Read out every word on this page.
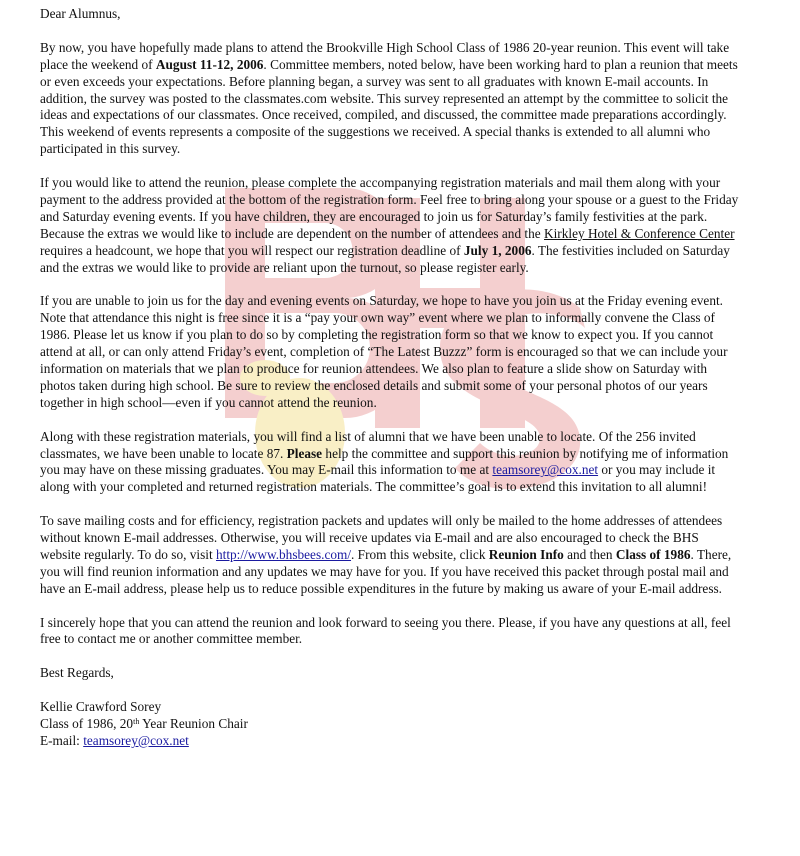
Dear Alumnus,

By now, you have hopefully made plans to attend the Brookville High School Class of 1986 20-year reunion. This event will take place the weekend of August 11-12, 2006. Committee members, noted below, have been working hard to plan a reunion that meets or even exceeds your expectations. Before planning began, a survey was sent to all graduates with known E-mail accounts. In addition, the survey was posted to the classmates.com website. This survey represented an attempt by the committee to solicit the ideas and expectations of our classmates. Once received, compiled, and discussed, the committee made preparations accordingly. This weekend of events represents a composite of the suggestions we received. A special thanks is extended to all alumni who participated in this survey.

If you would like to attend the reunion, please complete the accompanying registration materials and mail them along with your payment to the address provided at the bottom of the registration form. Feel free to bring along your spouse or a guest to the Friday and Saturday evening events. If you have children, they are encouraged to join us for Saturday’s family festivities at the park. Because the extras we would like to include are dependent on the number of attendees and the Kirkley Hotel & Conference Center requires a headcount, we hope that you will respect our registration deadline of July 1, 2006. The festivities included on Saturday and the extras we would like to provide are reliant upon the turnout, so please register early.

If you are unable to join us for the day and evening events on Saturday, we hope to have you join us at the Friday evening event. Note that attendance this night is free since it is a “pay your own way” event where we plan to informally convene the Class of 1986. Please let us know if you plan to do so by completing the registration form so that we know to expect you. If you cannot attend at all, or can only attend Friday’s event, completion of “The Latest Buzzz” form is encouraged so that we can include your information on materials that we plan to produce for reunion attendees. We also plan to feature a slide show on Saturday with photos taken during high school. Be sure to review the enclosed details and submit some of your personal photos of our years together in high school—even if you cannot attend the reunion.

Along with these registration materials, you will find a list of alumni that we have been unable to locate. Of the 256 invited classmates, we have been unable to locate 87. Please help the committee and support this reunion by notifying me of information you may have on these missing graduates. You may E-mail this information to me at teamsorey@cox.net or you may include it along with your completed and returned registration materials. The committee’s goal is to extend this invitation to all alumni!

To save mailing costs and for efficiency, registration packets and updates will only be mailed to the home addresses of attendees without known E-mail addresses. Otherwise, you will receive updates via E-mail and are also encouraged to check the BHS website regularly. To do so, visit http://www.bhsbees.com/. From this website, click Reunion Info and then Class of 1986. There, you will find reunion information and any updates we may have for you. If you have received this packet through postal mail and have an E-mail address, please help us to reduce possible expenditures in the future by making us aware of your E-mail address.

I sincerely hope that you can attend the reunion and look forward to seeing you there. Please, if you have any questions at all, feel free to contact me or another committee member.

Best Regards,

Kellie Crawford Sorey
Class of 1986, 20th Year Reunion Chair
E-mail: teamsorey@cox.net
